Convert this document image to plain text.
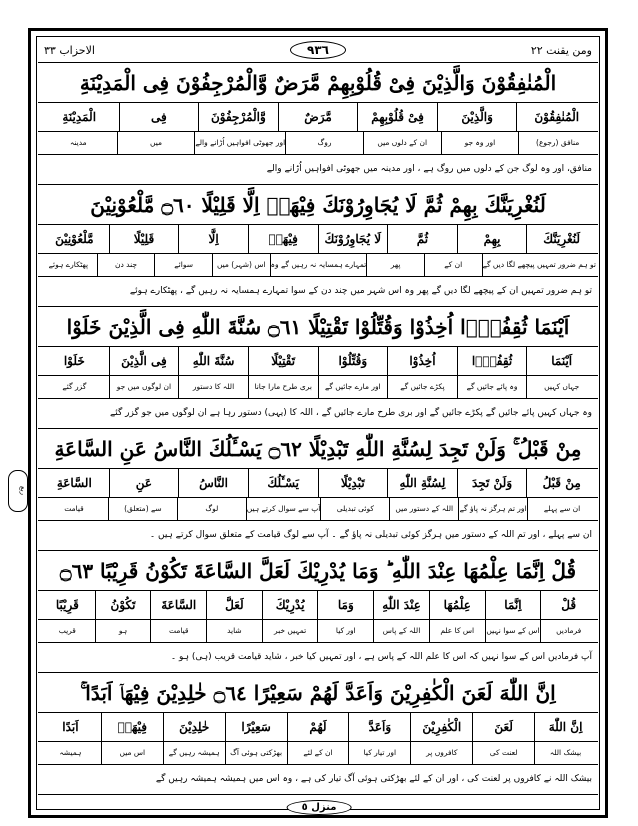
الاحزاب ٣٣	٩٣٦	ومن یقنت ٢٢
ربع
الْمُنٰفِقُوْنَ وَالَّذِیْنَ فِیْ قُلُوْبِهِمْ مَّرَضٌ وَّالْمُرْجِفُوْنَ فِی الْمَدِیْنَةِ
الْمُنٰفِقُوْنَ
وَالَّذِیْنَ
فِیْ قُلُوْبِهِمْ
مَّرَضٌ
وَّالْمُرْجِفُوْنَ
فِی
الْمَدِیْنَةِ
منافق (رجوع)
اور وہ جو
ان کے دلوں میں
روگ
اور جھوٹی افواہیں اُڑانے والے
میں
مدینہ
منافق، اور وہ لوگ جن کے دلوں میں روگ ہے ، اور مدینہ میں جھوٹی افواہیں اُڑانے والے
لَنُغْرِیَنَّكَ بِهِمْ ثُمَّ لَا یُجَاوِرُوْنَكَ فِیْهَاۤ اِلَّا قَلِیْلًا ۝٦٠ مَّلْعُوْنِیْنَ
لَنُغْرِیَنَّكَ
بِهِمْ
ثُمَّ
لَا یُجَاوِرُوْنَكَ
فِیْهَاۤ
اِلَّا
قَلِیْلًا
مَّلْعُوْنِیْنَ
تو ہم ضرور تمہیں پیچھے لگا دیں گے
ان کے
پھر
تمہارے ہمسایہ نہ رہیں گے وہ
اس (شہر) میں
سوائے
چند دن
پھٹکارے ہوئے
تو ہم ضرور تمہیں ان کے پیچھے لگا دیں گے پھر وہ اس شہر میں چند دن کے سوا تمہارے ہمسایہ نہ رہیں گے ، پھٹکارے ہوئے
اَیْنَمَا ثُقِفُوْۤا اُخِذُوْا وَقُتِّلُوْا تَقْتِیْلًا ۝٦١ سُنَّةَ اللّٰهِ فِی الَّذِیْنَ خَلَوْا
اَیْنَمَا
ثُقِفُوْۤا
اُخِذُوْا
وَقُتِّلُوْا
تَقْتِیْلًا
سُنَّةَ اللّٰهِ
فِی الَّذِیْنَ
خَلَوْا
جہاں کہیں
وہ پائے جائیں گے
پکڑے جائیں گے
اور مارے جائیں گے
بری طرح مارا جانا
اللہ کا دستور
ان لوگوں میں جو
گزر گئے
وہ جہاں کہیں پائے جائیں گے پکڑے جائیں گے اور بری طرح مارے جائیں گے ، اللہ کا (یہی) دستور رہا ہے ان لوگوں میں جو گزر گئے
مِنْ قَبْلُ ۚ وَلَنْ تَجِدَ لِسُنَّةِ اللّٰهِ تَبْدِیْلًا ۝٦٢ یَسْـَٔلُكَ النَّاسُ عَنِ السَّاعَةِ
مِنْ قَبْلُ
وَلَنْ تَجِدَ
لِسُنَّةِ اللّٰهِ
تَبْدِیْلًا
یَسْـَٔلُكَ
النَّاسُ
عَنِ
السَّاعَةِ
ان سے پہلے
اور تم ہرگز نہ پاؤ گے
اللہ کے دستور میں
کوئی تبدیلی
آپ سے سوال کرتے ہیں
لوگ
سے (متعلق)
قیامت
ان سے پہلے ، اور تم اللہ کے دستور میں ہرگز کوئی تبدیلی نہ پاؤ گے ۔ آپ سے لوگ قیامت کے متعلق سوال کرتے ہیں ۔
قُلْ اِنَّمَا عِلْمُهَا عِنْدَ اللّٰهِ ؕ وَمَا یُدْرِیْكَ لَعَلَّ السَّاعَةَ تَكُوْنُ قَرِیْبًا ۝٦٣
قُلْ
اِنَّمَا
عِلْمُهَا
عِنْدَ اللّٰهِ
وَمَا
یُدْرِیْكَ
لَعَلَّ
السَّاعَةَ
تَكُوْنُ
قَرِیْبًا
فرمادیں
اس کے سوا نہیں
اس کا علم
اللہ کے پاس
اور کیا
تمہیں خبر
شاید
قیامت
ہو
قریب
آپ فرمادیں اس کے سوا نہیں کہ اس کا علم اللہ کے پاس ہے ، اور تمہیں کیا خبر ، شاید قیامت قریب (ہی) ہو ۔
اِنَّ اللّٰهَ لَعَنَ الْكٰفِرِیْنَ وَاَعَدَّ لَهُمْ سَعِیْرًا ۝٦٤ خٰلِدِیْنَ فِیْهَاۤ اَبَدًا ۚ
اِنَّ اللّٰهَ
لَعَنَ
الْكٰفِرِیْنَ
وَاَعَدَّ
لَهُمْ
سَعِیْرًا
خٰلِدِیْنَ
فِیْهَاۤ
اَبَدًا
بیشک اللہ
لعنت کی
کافروں پر
اور تیار کیا
ان کے لئے
بھڑکتی ہوئی آگ
ہمیشہ رہیں گے
اس میں
ہمیشہ
بیشک اللہ نے کافروں پر لعنت کی ، اور ان کے لئے بھڑکتی ہوئی آگ تیار کی ہے ، وہ اس میں ہمیشہ ہمیشہ رہیں گے
منزل ٥
